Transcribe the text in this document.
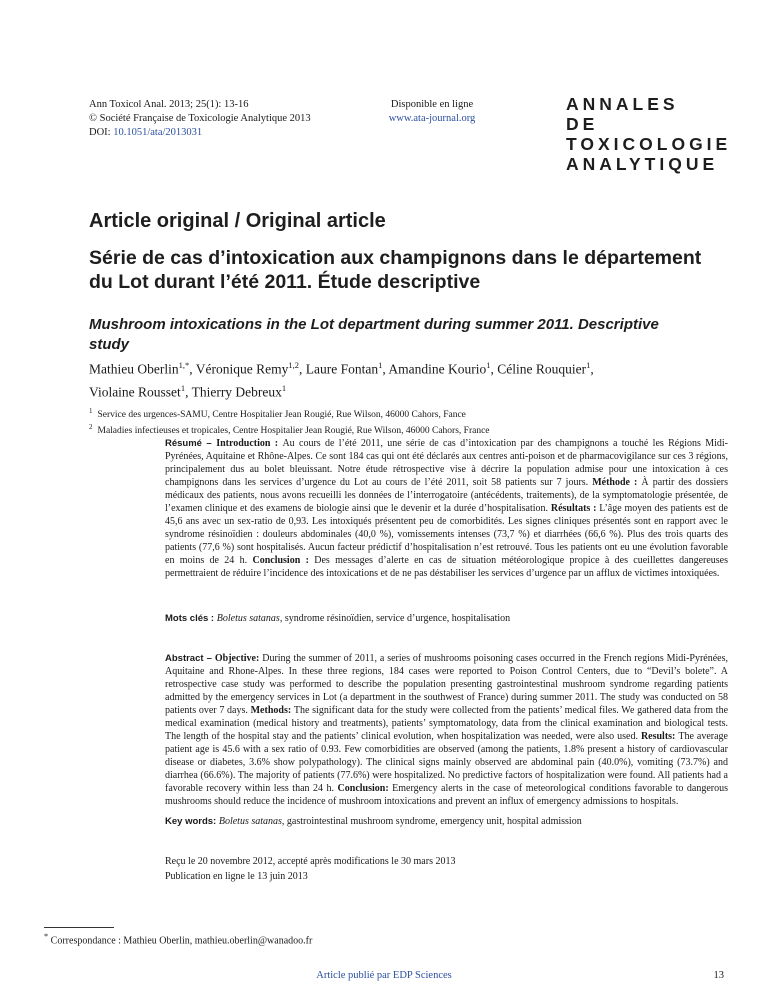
Ann Toxicol Anal. 2013; 25(1): 13-16
© Société Française de Toxicologie Analytique 2013
DOI: 10.1051/ata/2013031
Disponible en ligne
www.ata-journal.org
ANNALES DE
TOXICOLOGIE
ANALYTIQUE
Article original / Original article
Série de cas d’intoxication aux champignons dans le département du Lot durant l’été 2011. Étude descriptive
Mushroom intoxications in the Lot department during summer 2011. Descriptive study
Mathieu Oberlin$^{1,*}$, Véronique Remy$^{1,2}$, Laure Fontan$^1$, Amandine Kourio$^1$, Céline Rouquier$^1$,
Violaine Rousset$^1$, Thierry Debreux$^1$
$^1$ Service des urgences-SAMU, Centre Hospitalier Jean Rougié, Rue Wilson, 46000 Cahors, Fance
$^2$ Maladies infectieuses et tropicales, Centre Hospitalier Jean Rougié, Rue Wilson, 46000 Cahors, France
Résumé – Introduction : Au cours de l’été 2011, une série de cas d’intoxication par des champignons a touché les Régions Midi-Pyrénées, Aquitaine et Rhône-Alpes. Ce sont 184 cas qui ont été déclarés aux centres anti-poison et de pharmacovigilance sur ces 3 régions, principalement dus au bolet bleuissant. Notre étude rétrospective vise à décrire la population admise pour une intoxication à ces champignons dans les services d’urgence du Lot au cours de l’été 2011, soit 58 patients sur 7 jours. Méthode : À partir des dossiers médicaux des patients, nous avons recueilli les données de l’interrogatoire (antécédents, traitements), de la symptomatologie présentée, de l’examen clinique et des examens de biologie ainsi que le devenir et la durée d’hospitalisation. Résultats : L’âge moyen des patients est de 45,6 ans avec un sex-ratio de 0,93. Les intoxiqués présentent peu de comorbidités. Les signes cliniques présentés sont en rapport avec le syndrome résinoïdien : douleurs abdominales (40,0 %), vomissements intenses (73,7 %) et diarrhées (66,6 %). Plus des trois quarts des patients (77,6 %) sont hospitalisés. Aucun facteur prédictif d’hospitalisation n’est retrouvé. Tous les patients ont eu une évolution favorable en moins de 24 h. Conclusion : Des messages d’alerte en cas de situation météorologique propice à des cueillettes dangereuses permettraient de réduire l’incidence des intoxications et de ne pas déstabiliser les services d’urgence par un afflux de victimes intoxiquées.
Mots clés : Boletus satanas, syndrome résinoïdien, service d’urgence, hospitalisation
Abstract – Objective: During the summer of 2011, a series of mushrooms poisoning cases occurred in the French regions Midi-Pyrénées, Aquitaine and Rhone-Alpes. In these three regions, 184 cases were reported to Poison Control Centers, due to “Devil’s bolete”. A retrospective case study was performed to describe the population presenting gastrointestinal mushroom syndrome regarding patients admitted by the emergency services in Lot (a department in the southwest of France) during summer 2011. The study was conducted on 58 patients over 7 days. Methods: The significant data for the study were collected from the patients’ medical files. We gathered data from the medical examination (medical history and treatments), patients’ symptomatology, data from the clinical examination and biological tests. The length of the hospital stay and the patients’ clinical evolution, when hospitalization was needed, were also used. Results: The average patient age is 45.6 with a sex ratio of 0.93. Few comorbidities are observed (among the patients, 1.8% present a history of cardiovascular disease or diabetes, 3.6% show polypathology). The clinical signs mainly observed are abdominal pain (40.0%), vomiting (73.7%) and diarrhea (66.6%). The majority of patients (77.6%) were hospitalized. No predictive factors of hospitalization were found. All patients had a favorable recovery within less than 24 h. Conclusion: Emergency alerts in the case of meteorological conditions favorable to dangerous mushrooms should reduce the incidence of mushroom intoxications and prevent an influx of emergency admissions to hospitals.
Key words: Boletus satanas, gastrointestinal mushroom syndrome, emergency unit, hospital admission
Reçu le 20 novembre 2012, accepté après modifications le 30 mars 2013
Publication en ligne le 13 juin 2013
* Correspondance : Mathieu Oberlin, mathieu.oberlin@wanadoo.fr
Article publié par EDP Sciences	13
